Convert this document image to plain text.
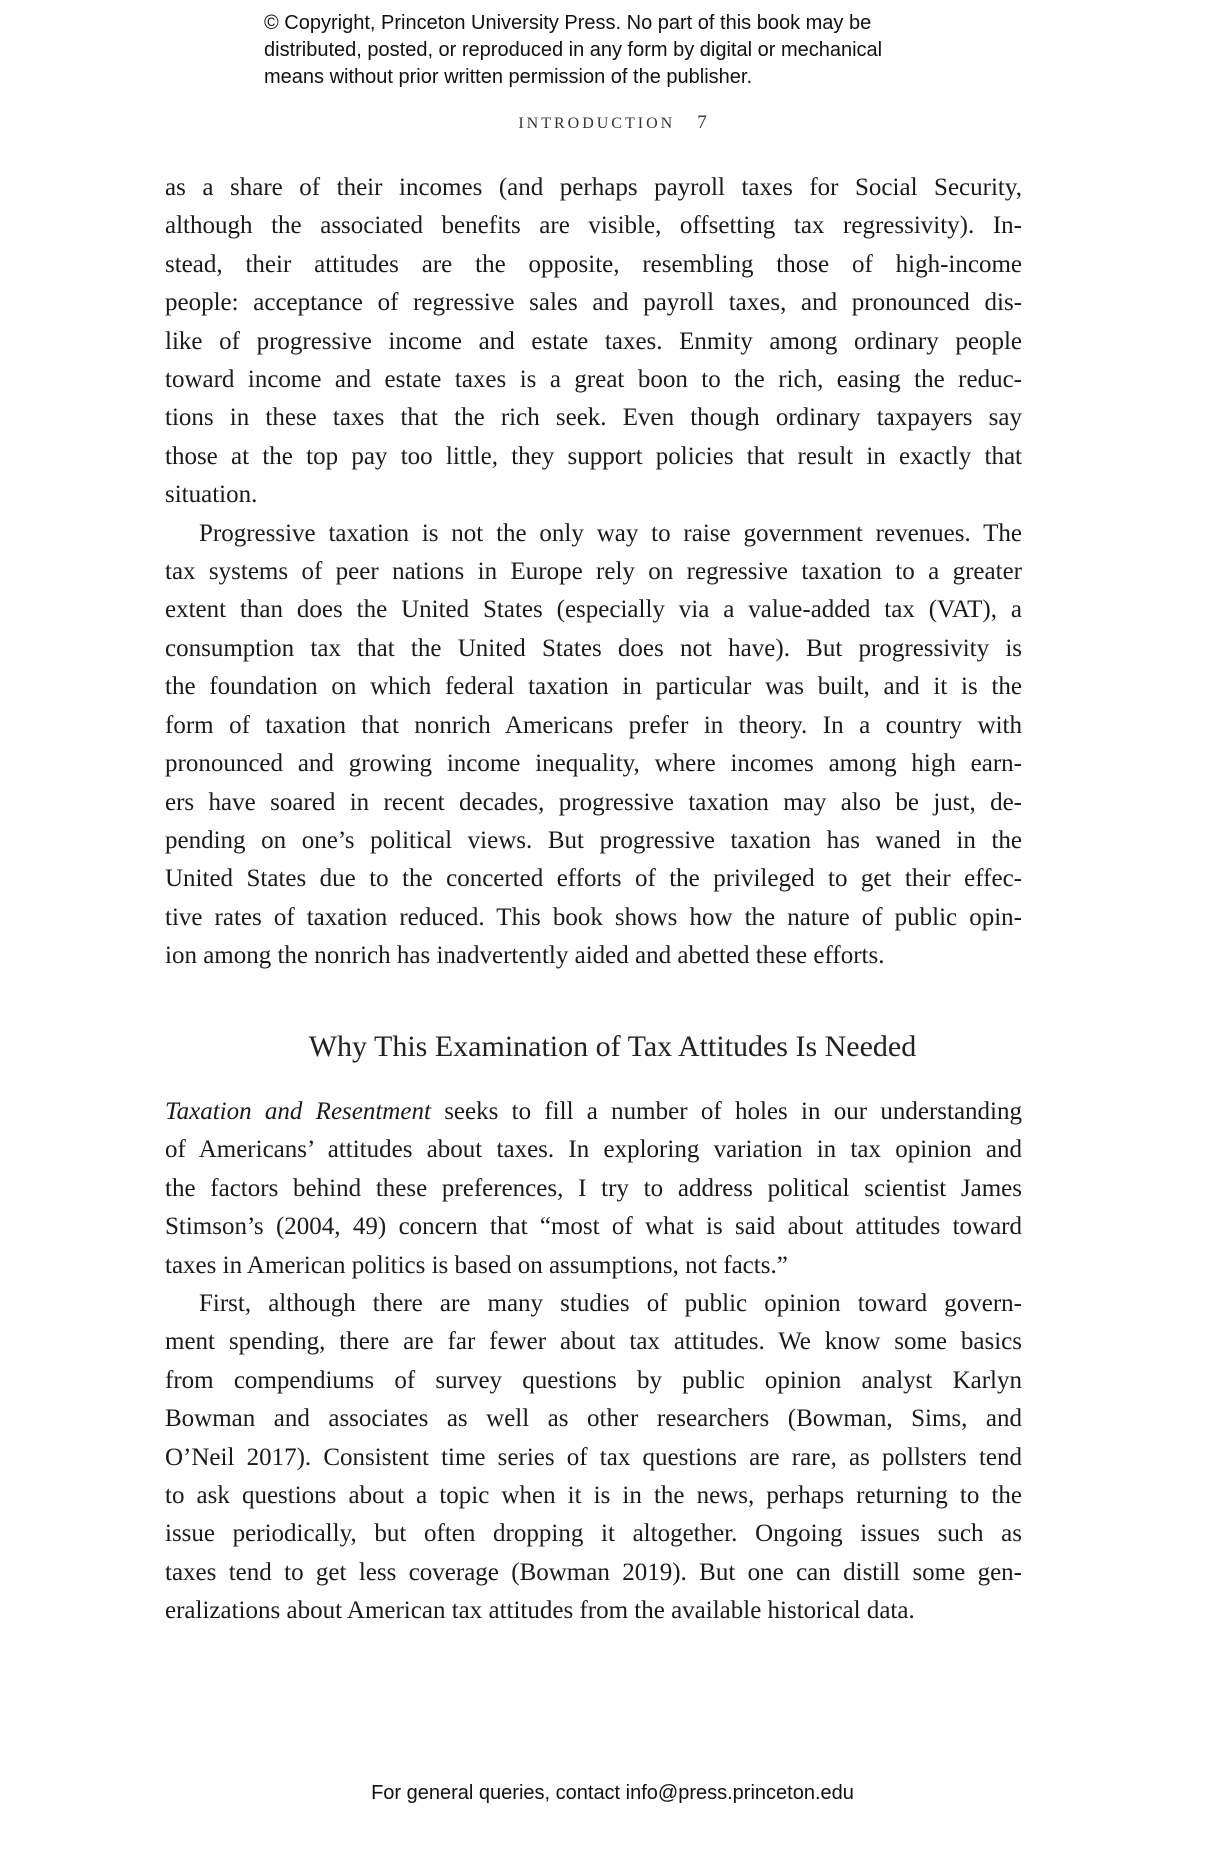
© Copyright, Princeton University Press. No part of this book may be
distributed, posted, or reproduced in any form by digital or mechanical
means without prior written permission of the publisher.
INTRODUCTION 7
as a share of their incomes (and perhaps payroll taxes for Social Security,
although the associated benefits are visible, offsetting tax regressivity). In-
stead, their attitudes are the opposite, resembling those of high-income
people: acceptance of regressive sales and payroll taxes, and pronounced dis-
like of progressive income and estate taxes. Enmity among ordinary people
toward income and estate taxes is a great boon to the rich, easing the reduc-
tions in these taxes that the rich seek. Even though ordinary taxpayers say
those at the top pay too little, they support policies that result in exactly that
situation.
Progressive taxation is not the only way to raise government revenues. The
tax systems of peer nations in Europe rely on regressive taxation to a greater
extent than does the United States (especially via a value-added tax (VAT), a
consumption tax that the United States does not have). But progressivity is
the foundation on which federal taxation in particular was built, and it is the
form of taxation that nonrich Americans prefer in theory. In a country with
pronounced and growing income inequality, where incomes among high earn-
ers have soared in recent decades, progressive taxation may also be just, de-
pending on one’s political views. But progressive taxation has waned in the
United States due to the concerted efforts of the privileged to get their effec-
tive rates of taxation reduced. This book shows how the nature of public opin-
ion among the nonrich has inadvertently aided and abetted these efforts.
Why This Examination of Tax Attitudes Is Needed
Taxation and Resentment seeks to fill a number of holes in our understanding
of Americans’ attitudes about taxes. In exploring variation in tax opinion and
the factors behind these preferences, I try to address political scientist James
Stimson’s (2004, 49) concern that “most of what is said about attitudes toward
taxes in American politics is based on assumptions, not facts.”
First, although there are many studies of public opinion toward govern-
ment spending, there are far fewer about tax attitudes. We know some basics
from compendiums of survey questions by public opinion analyst Karlyn
Bowman and associates as well as other researchers (Bowman, Sims, and
O’Neil 2017). Consistent time series of tax questions are rare, as pollsters tend
to ask questions about a topic when it is in the news, perhaps returning to the
issue periodically, but often dropping it altogether. Ongoing issues such as
taxes tend to get less coverage (Bowman 2019). But one can distill some gen-
eralizations about American tax attitudes from the available historical data.
For general queries, contact info@press.princeton.edu
